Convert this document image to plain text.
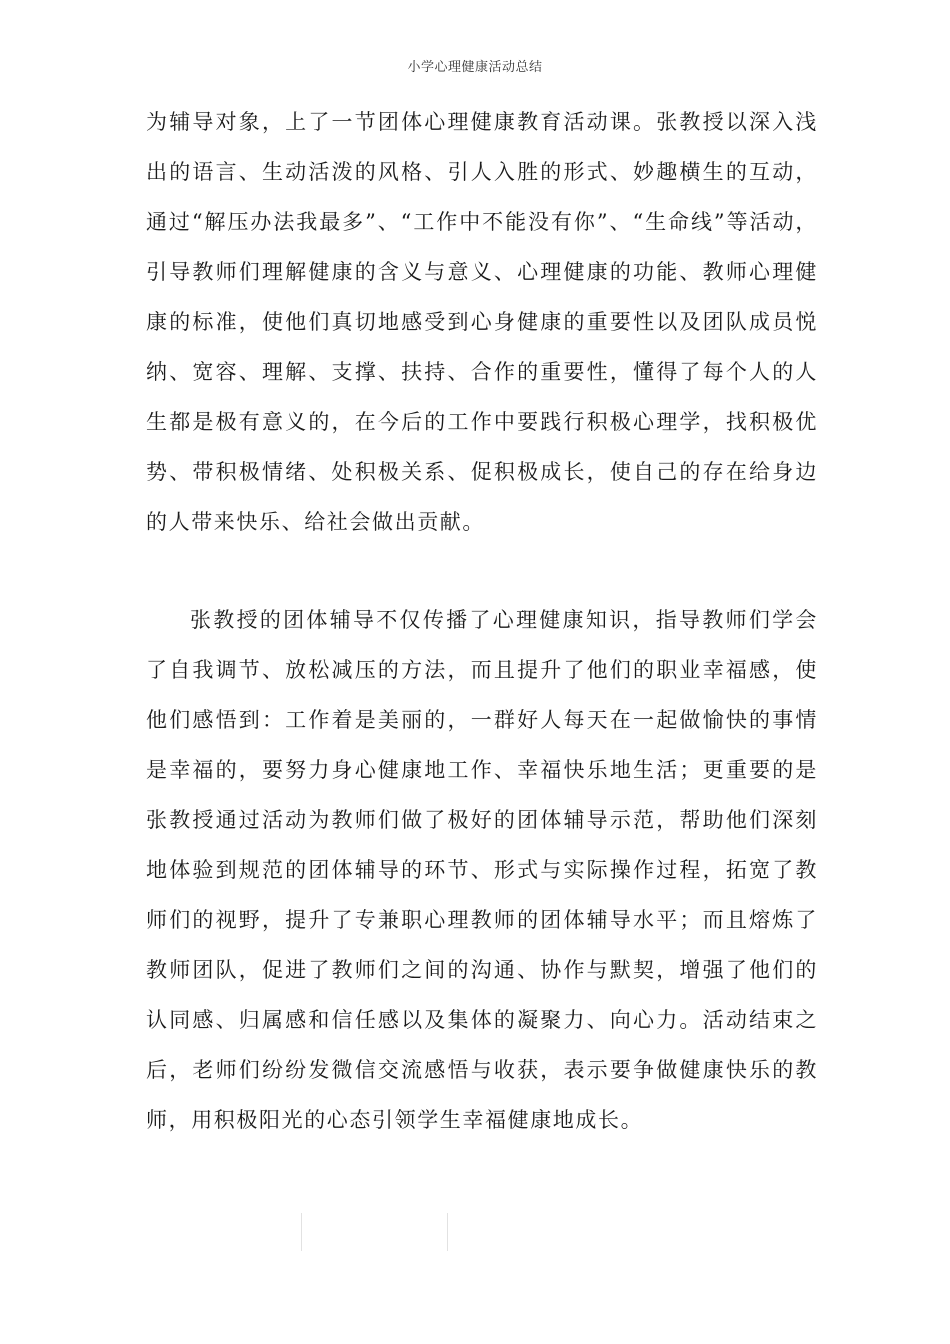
小学心理健康活动总结

为辅导对象，上了一节团体心理健康教育活动课。张教授以深入浅出的语言、生动活泼的风格、引人入胜的形式、妙趣横生的互动，通过“解压办法我最多”、“工作中不能没有你”、“生命线”等活动，引导教师们理解健康的含义与意义、心理健康的功能、教师心理健康的标准，使他们真切地感受到心身健康的重要性以及团队成员悦纳、宽容、理解、支撑、扶持、合作的重要性，懂得了每个人的人生都是极有意义的，在今后的工作中要践行积极心理学，找积极优势、带积极情绪、处积极关系、促积极成长，使自己的存在给身边的人带来快乐、给社会做出贡献。

张教授的团体辅导不仅传播了心理健康知识，指导教师们学会了自我调节、放松减压的方法，而且提升了他们的职业幸福感，使他们感悟到：工作着是美丽的，一群好人每天在一起做愉快的事情是幸福的，要努力身心健康地工作、幸福快乐地生活；更重要的是张教授通过活动为教师们做了极好的团体辅导示范，帮助他们深刻地体验到规范的团体辅导的环节、形式与实际操作过程，拓宽了教师们的视野，提升了专兼职心理教师的团体辅导水平；而且熔炼了教师团队，促进了教师们之间的沟通、协作与默契，增强了他们的认同感、归属感和信任感以及集体的凝聚力、向心力。活动结束之后，老师们纷纷发微信交流感悟与收获，表示要争做健康快乐的教师，用积极阳光的心态引领学生幸福健康地成长。
